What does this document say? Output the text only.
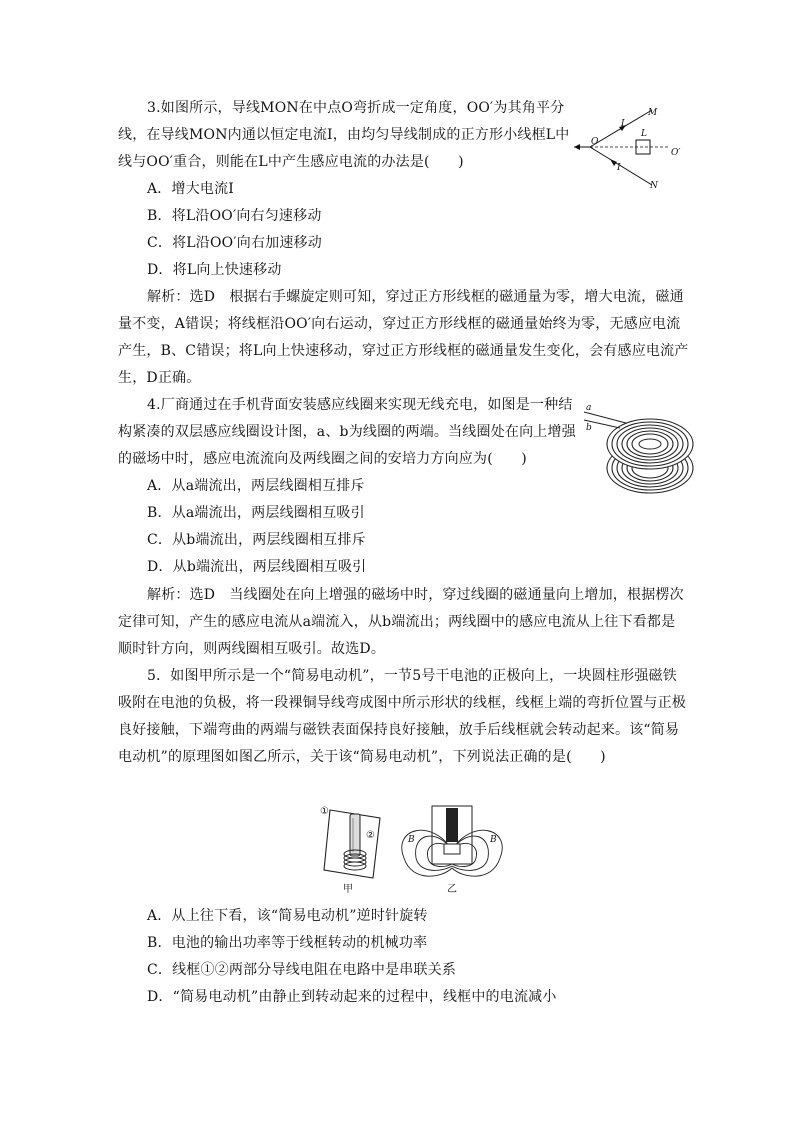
3.如图所示，导线MON在中点O弯折成一定角度，OO′为其角平分
线，在导线MON内通以恒定电流I，由均匀导线制成的正方形小线框L中
线与OO′重合，则能在L中产生感应电流的办法是(　　)
A．增大电流I
B．将L沿OO′向右匀速移动
C．将L沿OO′向右加速移动
D．将L向上快速移动
解析：选D　根据右手螺旋定则可知，穿过正方形线框的磁通量为零，增大电流，磁通
量不变，A错误；将线框沿OO′向右运动，穿过正方形线框的磁通量始终为零，无感应电流
产生，B、C错误；将L向上快速移动，穿过正方形线框的磁通量发生变化，会有感应电流产
生，D正确。
M
N
O
O′
I
I
L
4.厂商通过在手机背面安装感应线圈来实现无线充电，如图是一种结
构紧凑的双层感应线圈设计图，a、b为线圈的两端。当线圈处在向上增强
的磁场中时，感应电流流向及两线圈之间的安培力方向应为(　　)
A．从a端流出，两层线圈相互排斥
B．从a端流出，两层线圈相互吸引
C．从b端流出，两层线圈相互排斥
D．从b端流出，两层线圈相互吸引
解析：选D　当线圈处在向上增强的磁场中时，穿过线圈的磁通量向上增加，根据楞次
定律可知，产生的感应电流从a端流入，从b端流出；两线圈中的感应电流从上往下看都是
顺时针方向，则两线圈相互吸引。故选D。
a
b
5．如图甲所示是一个“简易电动机”，一节5号干电池的正极向上，一块圆柱形强磁铁
吸附在电池的负极，将一段裸铜导线弯成图中所示形状的线框，线框上端的弯折位置与正极
良好接触，下端弯曲的两端与磁铁表面保持良好接触，放手后线框就会转动起来。该“简易
电动机”的原理图如图乙所示，关于该“简易电动机”，下列说法正确的是(　　)
①
②
甲
B	B
乙
A．从上往下看，该“简易电动机”逆时针旋转
B．电池的输出功率等于线框转动的机械功率
C．线框①②两部分导线电阻在电路中是串联关系
D．“简易电动机”由静止到转动起来的过程中，线框中的电流减小
